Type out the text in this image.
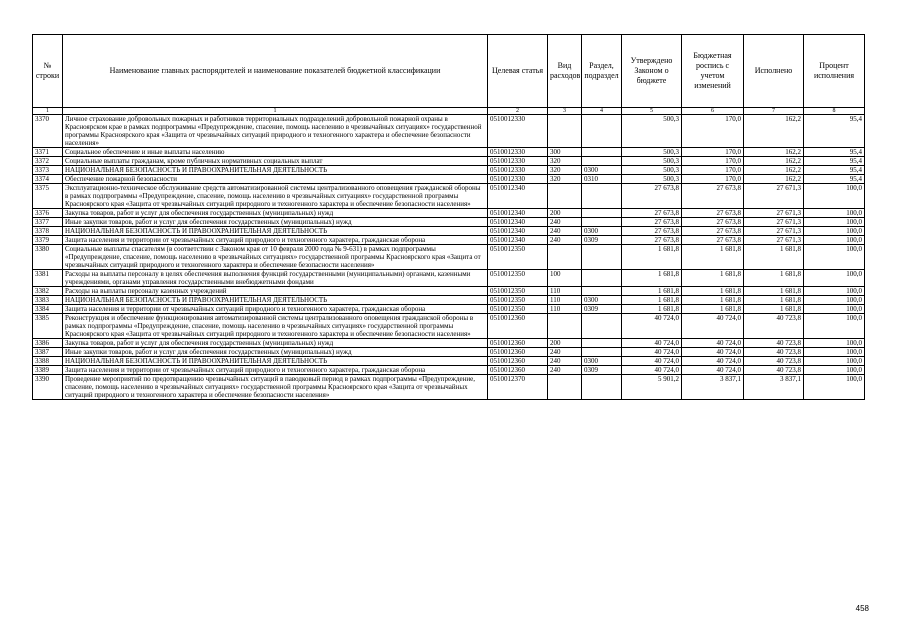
№ строки	Наименование главных распорядителей и наименование показателей бюджетной классификации	Целевая статья	Вид расходов	Раздел, подраздел	Утверждено Законом о бюджете	Бюджетная роспись с учетом изменений	Исполнено	Процент исполнения
1	1	2	3	4	5	6	7	8
3370	Личное страхование добровольных пожарных и работников территориальных подразделений добровольной пожарной охраны в Красноярском крае в рамках подпрограммы «Предупреждение, спасение, помощь населению в чрезвычайных ситуациях» государственной программы Красноярского края «Защита от чрезвычайных ситуаций природного и техногенного характера и обеспечение безопасности населения»	0510012330			500,3	170,0	162,2	95,4
3371	Социальное обеспечение и иные выплаты населению	0510012330	300		500,3	170,0	162,2	95,4
3372	Социальные выплаты гражданам, кроме публичных нормативных социальных выплат	0510012330	320		500,3	170,0	162,2	95,4
3373	НАЦИОНАЛЬНАЯ БЕЗОПАСНОСТЬ И ПРАВООХРАНИТЕЛЬНАЯ ДЕЯТЕЛЬНОСТЬ	0510012330	320	0300	500,3	170,0	162,2	95,4
3374	Обеспечение пожарной безопасности	0510012330	320	0310	500,3	170,0	162,2	95,4
3375	Эксплуатационно-техническое обслуживание средств автоматизированной системы централизованного оповещения гражданской обороны в рамках подпрограммы «Предупреждение, спасение, помощь населению в чрезвычайных ситуациях» государственной программы Красноярского края «Защита от чрезвычайных ситуаций природного и техногенного характера и обеспечение безопасности населения»	0510012340			27 673,8	27 673,8	27 671,3	100,0
3376	Закупка товаров, работ и услуг для обеспечения государственных (муниципальных) нужд	0510012340	200		27 673,8	27 673,8	27 671,3	100,0
3377	Иные закупки товаров, работ и услуг для обеспечения государственных (муниципальных) нужд	0510012340	240		27 673,8	27 673,8	27 671,3	100,0
3378	НАЦИОНАЛЬНАЯ БЕЗОПАСНОСТЬ И ПРАВООХРАНИТЕЛЬНАЯ ДЕЯТЕЛЬНОСТЬ	0510012340	240	0300	27 673,8	27 673,8	27 671,3	100,0
3379	Защита населения и территории от чрезвычайных ситуаций природного и техногенного характера, гражданская оборона	0510012340	240	0309	27 673,8	27 673,8	27 671,3	100,0
3380	Социальные выплаты спасателям (в соответствии с Законом края от 10 февраля 2000 года № 9-631) в рамках подпрограммы «Предупреждение, спасение, помощь населению в чрезвычайных ситуациях» государственной программы Красноярского края «Защита от чрезвычайных ситуаций природного и техногенного характера и обеспечение безопасности населения»	0510012350			1 681,8	1 681,8	1 681,8	100,0
3381	Расходы на выплаты персоналу в целях обеспечения выполнения функций государственными (муниципальными) органами, казенными учреждениями, органами управления государственными внебюджетными фондами	0510012350	100		1 681,8	1 681,8	1 681,8	100,0
3382	Расходы на выплаты персоналу казенных учреждений	0510012350	110		1 681,8	1 681,8	1 681,8	100,0
3383	НАЦИОНАЛЬНАЯ БЕЗОПАСНОСТЬ И ПРАВООХРАНИТЕЛЬНАЯ ДЕЯТЕЛЬНОСТЬ	0510012350	110	0300	1 681,8	1 681,8	1 681,8	100,0
3384	Защита населения и территории от чрезвычайных ситуаций природного и техногенного характера, гражданская оборона	0510012350	110	0309	1 681,8	1 681,8	1 681,8	100,0
3385	Реконструкция и обеспечение функционирования автоматизированной системы централизованного оповещения гражданской обороны в рамках подпрограммы «Предупреждение, спасение, помощь населению в чрезвычайных ситуациях» государственной программы Красноярского края «Защита от чрезвычайных ситуаций природного и техногенного характера и обеспечение безопасности населения»	0510012360			40 724,0	40 724,0	40 723,8	100,0
3386	Закупка товаров, работ и услуг для обеспечения государственных (муниципальных) нужд	0510012360	200		40 724,0	40 724,0	40 723,8	100,0
3387	Иные закупки товаров, работ и услуг для обеспечения государственных (муниципальных) нужд	0510012360	240		40 724,0	40 724,0	40 723,8	100,0
3388	НАЦИОНАЛЬНАЯ БЕЗОПАСНОСТЬ И ПРАВООХРАНИТЕЛЬНАЯ ДЕЯТЕЛЬНОСТЬ	0510012360	240	0300	40 724,0	40 724,0	40 723,8	100,0
3389	Защита населения и территории от чрезвычайных ситуаций природного и техногенного характера, гражданская оборона	0510012360	240	0309	40 724,0	40 724,0	40 723,8	100,0
3390	Проведение мероприятий по предотвращению чрезвычайных ситуаций в паводковый период в рамках подпрограммы «Предупреждение, спасение, помощь населению в чрезвычайных ситуациях» государственной программы Красноярского края «Защита от чрезвычайных ситуаций природного и техногенного характера и обеспечение безопасности населения»	0510012370			5 901,2	3 837,1	3 837,1	100,0
458
